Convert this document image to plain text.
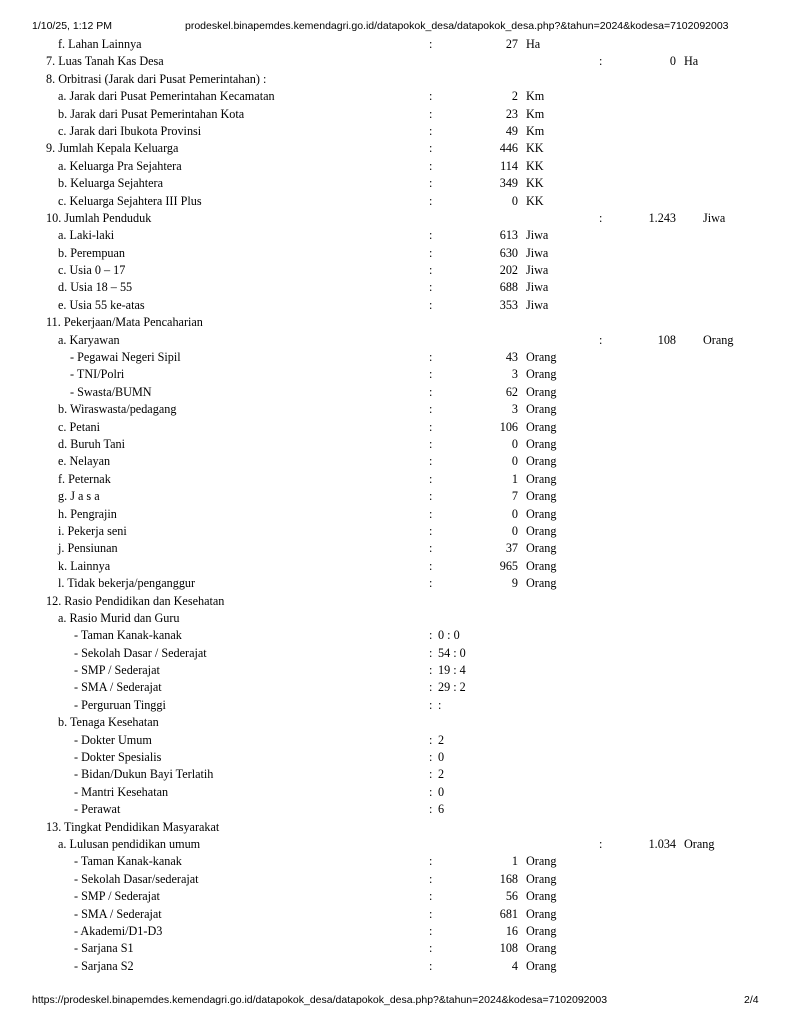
1/10/25, 1:12 PM	prodeskel.binapemdes.kemendagri.go.id/datapokok_desa/datapokok_desa.php?&tahun=2024&kodesa=7102092003
f. Lahan Lainnya	:	27 Ha
7. Luas Tanah Kas Desa	:	0 Ha
8. Orbitrasi (Jarak dari Pusat Pemerintahan) :
a. Jarak dari Pusat Pemerintahan Kecamatan	:	2 Km
b. Jarak dari Pusat Pemerintahan Kota	:	23 Km
c. Jarak dari Ibukota Provinsi	:	49 Km
9. Jumlah Kepala Keluarga	:	446 KK
a. Keluarga Pra Sejahtera	:	114 KK
b. Keluarga Sejahtera	:	349 KK
c. Keluarga Sejahtera III Plus	:	0 KK
10. Jumlah Penduduk	:	1.243 Jiwa
a. Laki-laki	:	613 Jiwa
b. Perempuan	:	630 Jiwa
c. Usia 0 – 17	:	202 Jiwa
d. Usia 18 – 55	:	688 Jiwa
e. Usia 55 ke-atas	:	353 Jiwa
11. Pekerjaan/Mata Pencaharian
a. Karyawan	:	108 Orang
- Pegawai Negeri Sipil	:	43 Orang
- TNI/Polri	:	3 Orang
- Swasta/BUMN	:	62 Orang
b. Wiraswasta/pedagang	:	3 Orang
c. Petani	:	106 Orang
d. Buruh Tani	:	0 Orang
e. Nelayan	:	0 Orang
f. Peternak	:	1 Orang
g. J a s a	:	7 Orang
h. Pengrajin	:	0 Orang
i. Pekerja seni	:	0 Orang
j. Pensiunan	:	37 Orang
k. Lainnya	:	965 Orang
l. Tidak bekerja/penganggur	:	9 Orang
12. Rasio Pendidikan dan Kesehatan
a. Rasio Murid dan Guru
- Taman Kanak-kanak	: 0 : 0
- Sekolah Dasar / Sederajat	: 54 : 0
- SMP / Sederajat	: 19 : 4
- SMA / Sederajat	: 29 : 2
- Perguruan Tinggi	: :
b. Tenaga Kesehatan
- Dokter Umum	: 2
- Dokter Spesialis	: 0
- Bidan/Dukun Bayi Terlatih	: 2
- Mantri Kesehatan	: 0
- Perawat	: 6
13. Tingkat Pendidikan Masyarakat
a. Lulusan pendidikan umum	:	1.034 Orang
- Taman Kanak-kanak	:	1 Orang
- Sekolah Dasar/sederajat	:	168 Orang
- SMP / Sederajat	:	56 Orang
- SMA / Sederajat	:	681 Orang
- Akademi/D1-D3	:	16 Orang
- Sarjana S1	:	108 Orang
- Sarjana S2	:	4 Orang
https://prodeskel.binapemdes.kemendagri.go.id/datapokok_desa/datapokok_desa.php?&tahun=2024&kodesa=7102092003	2/4
